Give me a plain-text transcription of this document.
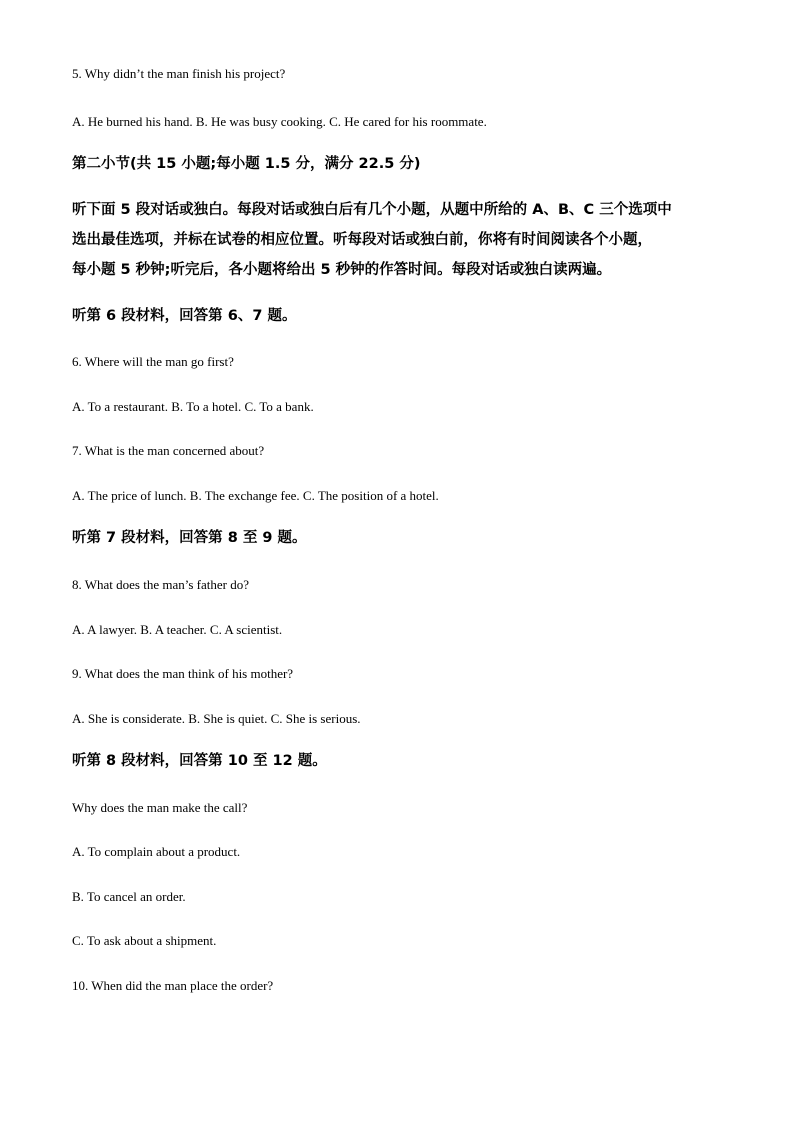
5. Why didn’t the man finish his project?
A. He burned his hand. B. He was busy cooking. C. He cared for his roommate.
第二小节(共 15 小题;每小题 1.5 分，满分 22.5 分)
听下面 5 段对话或独白。每段对话或独白后有几个小题，从题中所给的 A、B、C 三个选项中
选出最佳选项，并标在试卷的相应位置。听每段对话或独白前，你将有时间阅读各个小题，
每小题 5 秒钟;听完后，各小题将给出 5 秒钟的作答时间。每段对话或独白读两遍。
听第 6 段材料，回答第 6、7 题。
6. Where will the man go first?
A. To a restaurant. B. To a hotel. C. To a bank.
7. What is the man concerned about?
A. The price of lunch. B. The exchange fee. C. The position of a hotel.
听第 7 段材料，回答第 8 至 9 题。
8. What does the man’s father do?
A. A lawyer. B. A teacher. C. A scientist.
9. What does the man think of his mother?
A. She is considerate. B. She is quiet. C. She is serious.
听第 8 段材料，回答第 10 至 12 题。
Why does the man make the call?
A. To complain about a product.
B. To cancel an order.
C. To ask about a shipment.
10. When did the man place the order?
